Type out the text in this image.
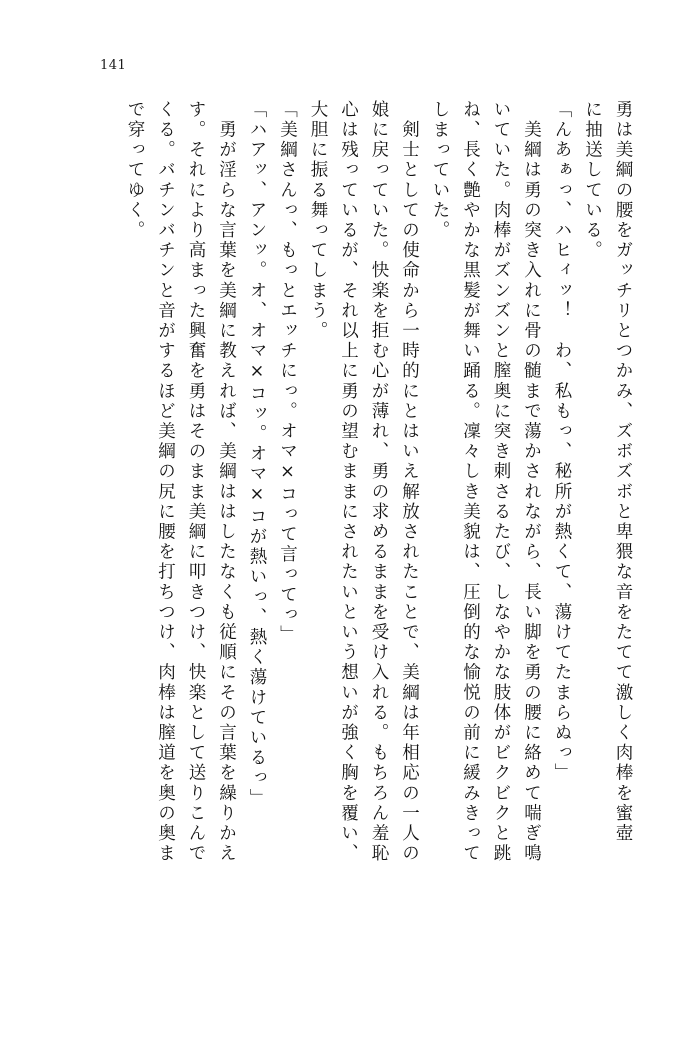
141
勇は美綱の腰をガッチリとつかみ、ズボズボと卑猥な音をたてて激しく肉棒を蜜壺
に抽送している。
「んあぁっ、ハヒィッ！　わ、私もっ、秘所が熱くて、蕩けてたまらぬっ」
　美綱は勇の突き入れに骨の髄まで蕩かされながら、長い脚を勇の腰に絡めて喘ぎ鳴
いていた。肉棒がズンズンと膣奥に突き刺さるたび、しなやかな肢体がビクビクと跳
ね、長く艶やかな黒髪が舞い踊る。凜々しき美貌は、圧倒的な愉悦の前に緩みきって
しまっていた。
　剣士としての使命から一時的にとはいえ解放されたことで、美綱は年相応の一人の
娘に戻っていた。快楽を拒む心が薄れ、勇の求めるままを受け入れる。もちろん羞恥
心は残っているが、それ以上に勇の望むままにされたいという想いが強く胸を覆い、
大胆に振る舞ってしまう。
「美綱さんっ、もっとエッチにっ。オマ×コって言ってっ」
「ハアッ、アンッ。オ、オマ×コッ。オマ×コが熱いっ、熱く蕩けているっ」
　勇が淫らな言葉を美綱に教えれば、美綱ははしたなくも従順にその言葉を繰りかえ
す。それにより高まった興奮を勇はそのまま美綱に叩きつけ、快楽として送りこんで
くる。バチンバチンと音がするほど美綱の尻に腰を打ちつけ、肉棒は膣道を奥の奥ま
で穿ってゆく。
